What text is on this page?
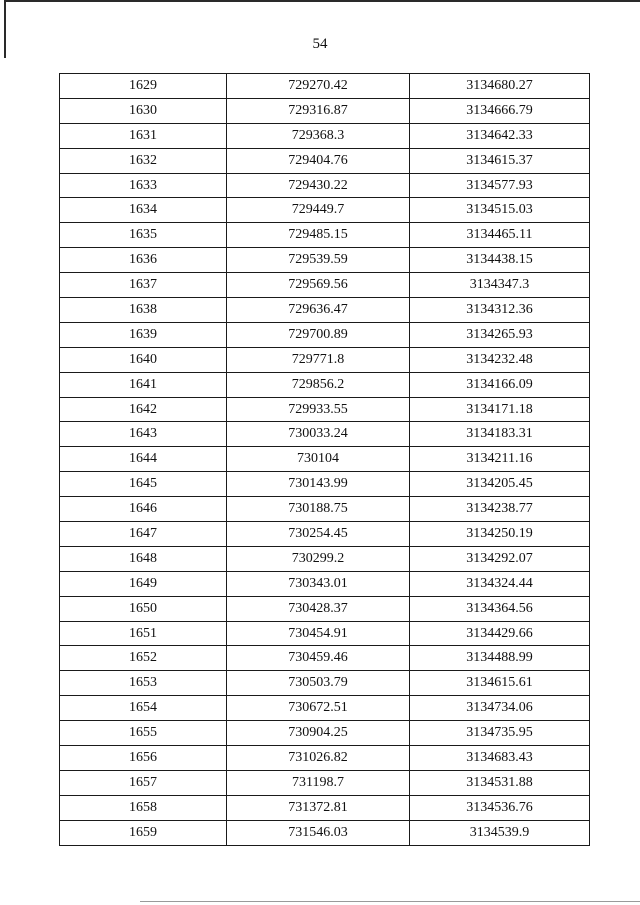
54
1629	729270.42	3134680.27
1630	729316.87	3134666.79
1631	729368.3	3134642.33
1632	729404.76	3134615.37
1633	729430.22	3134577.93
1634	729449.7	3134515.03
1635	729485.15	3134465.11
1636	729539.59	3134438.15
1637	729569.56	3134347.3
1638	729636.47	3134312.36
1639	729700.89	3134265.93
1640	729771.8	3134232.48
1641	729856.2	3134166.09
1642	729933.55	3134171.18
1643	730033.24	3134183.31
1644	730104	3134211.16
1645	730143.99	3134205.45
1646	730188.75	3134238.77
1647	730254.45	3134250.19
1648	730299.2	3134292.07
1649	730343.01	3134324.44
1650	730428.37	3134364.56
1651	730454.91	3134429.66
1652	730459.46	3134488.99
1653	730503.79	3134615.61
1654	730672.51	3134734.06
1655	730904.25	3134735.95
1656	731026.82	3134683.43
1657	731198.7	3134531.88
1658	731372.81	3134536.76
1659	731546.03	3134539.9
